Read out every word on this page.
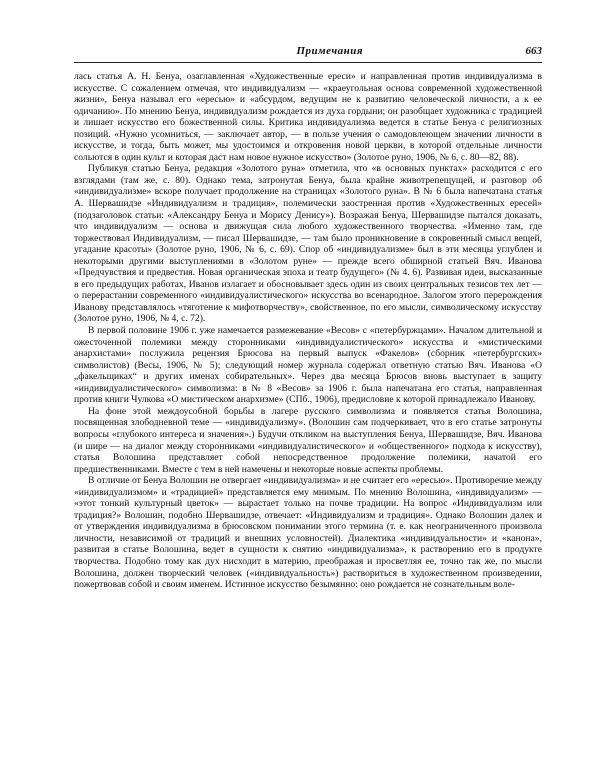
Примечания	663

лась статья А. Н. Бенуа, озаглавленная «Художественные ереси» и направленная против индивидуализма в искусстве. С сожалением отмечая, что индивидуализм — «краеугольная основа современной художественной жизни», Бенуа называл его «ересью» и «абсурдом, ведущим не к развитию человеческой личности, а к ее одичанию». По мнению Бенуа, индивидуализм рождается из духа гордыни; он разобщает художника с традицией и лишает искусство его божественной силы. Критика индивидуализма ведется в статье Бенуа с религиозных позиций. «Нужно усомниться, — заключает автор, — в пользе учения о самодовлеющем значении личности в искусстве, и тогда, быть может, мы удостоимся и откровения новой церкви, в которой отдельные личности сольются в один культ и которая даст нам новое нужное искусство» (Золотое руно, 1906, № 6, с. 80—82, 88).

Публикуя статью Бенуа, редакция «Золотого руна» отметила, что «в основных пунктах» расходится с его взглядами (там же, с. 80). Однако тема, затронутая Бенуа, была крайне животрепещущей, и разговор об «индивидуализме» вскоре получает продолжение на страницах «Золотого руна». В № 6 была напечатана статья А. Шервашидзе «Индивидуализм и традиция», полемически заостренная против «Художественных ересей» (подзаголовок статьи: «Александру Бенуа и Морису Денису»). Возражая Бенуа, Шервашидзе пытался доказать, что индивидуализм — основа и движущая сила любого художественного творчества. «Именно там, где торжествовал Индивидуализм, — писал Шервашидзе, — там было проникновение в сокровенный смысл вещей, угадание красоты» (Золотое руно, 1906, № 6, с. 69). Спор об «индивидуализме» был в эти месяцы углублен и некоторыми другими выступлениями в «Золотом руне» — прежде всего обширной статьей Вяч. Иванова «Предчувствия и предвестия. Новая органическая эпоха и театр будущего» (№ 4. 6). Развивая идеи, высказанные в его предыдущих работах, Иванов излагает и обосновывает здесь один из своих центральных тезисов тех лет — о перерастании современного «индивидуалистического» искусства во всенародное. Залогом этого перерождения Иванову представлялось «тяготение к мифотворчеству», свойственное, по его мысли, символическому искусству (Золотое руно, 1906, № 4, с. 72).

В первой половине 1906 г. уже намечается размежевание «Весов» с «петербуржцами». Началом длительной и ожесточенной полемики между сторонниками «индивидуалистического» искусства и «мистическими анархистами» послужила рецензия Брюсова на первый выпуск «Факелов» (сборник «петербургских» символистов) (Весы, 1906, № 5); следующий номер журнала содержал ответную статью Вяч. Иванова «О „факельщиках“ и других именах собирательных». Через два месяца Брюсов вновь выступает в защиту «индивидуалистического» символизма: в № 8 «Весов» за 1906 г. была напечатана его статья, направленная против книги Чулкова «О мистическом анархизме» (СПб., 1906), предисловие к которой принадлежало Иванову.

На фоне этой междоусобной борьбы в лагере русского символизма и появляется статья Волошина, посвященная злободневной теме — «индивидуализму». (Волошин сам подчеркивает, что в его статье затронуты вопросы «глубокого интереса и значения».) Будучи откликом на выступления Бенуа, Шервашидзе, Вяч. Иванова (и шире — на диалог между сторонниками «индивидуалистического» и «общественного» подхода к искусству), статья Волошина представляет собой непосредственное продолжение полемики, начатой его предшественниками. Вместе с тем в ней намечены и некоторые новые аспекты проблемы.

В отличие от Бенуа Волошин не отвергает «индивидуализма» и не считает его «ересью». Противоречие между «индивидуализмом» и «традицией» представляется ему мнимым. По мнению Волошина, «индивидуализм» — «этот тонкий культурный цветок» — вырастает только на почве традиции. На вопрос «Индивидуализм или традиция?» Волошин, подобно Шервашидзе, отвечает: «Индивидуализм и традиция». Однако Волошин далек и от утверждения индивидуализма в брюсовском понимании этого термина (т. е. как неограниченного произвола личности, независимой от традиций и внешних условностей). Диалектика «индивидуальности» и «канона», развитая в статье Волошина, ведет в сущности к снятию «индивидуализма», к растворению его в продукте творчества. Подобно тому как дух нисходит в материю, преображая и просветляя ее, точно так же, по мысли Волошина, должен творческий человек («индивидуальность») раствориться в художественном произведении, пожертвовав собой и своим именем. Истинное искусство безымянно: оно рождается не сознательным воле-
